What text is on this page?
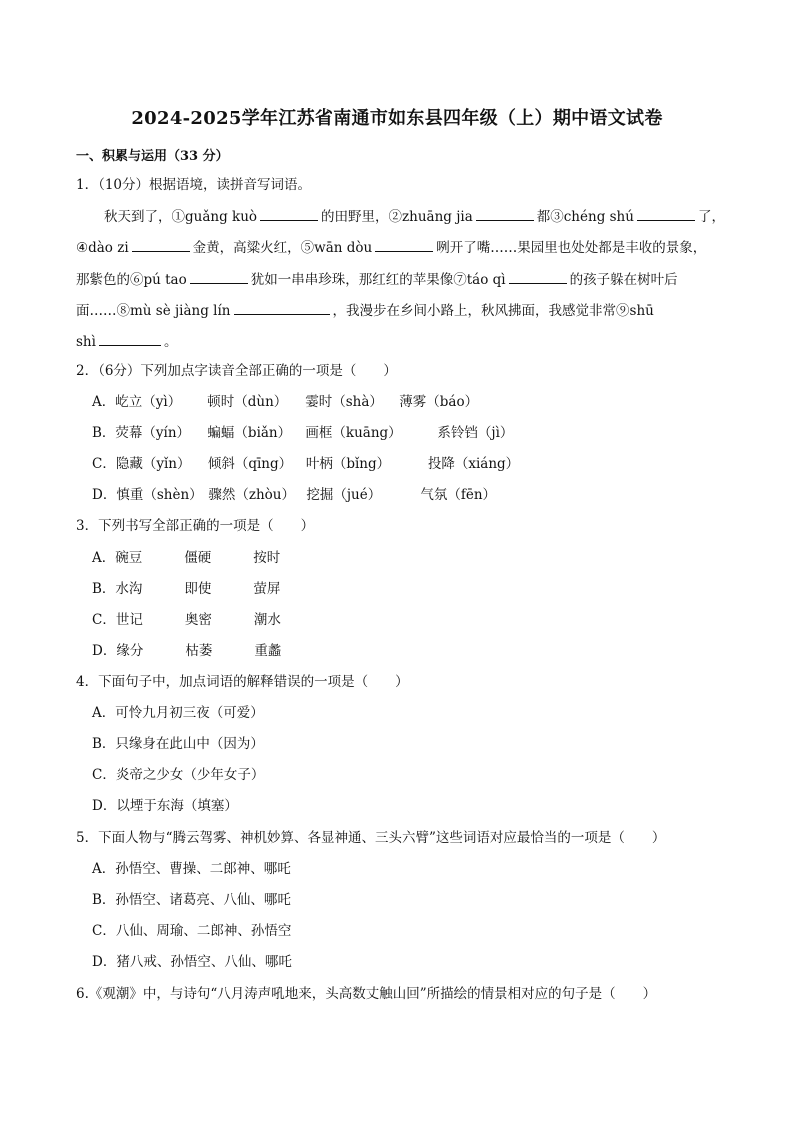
2024-2025学年江苏省南通市如东县四年级（上）期中语文试卷
一、积累与运用（33 分）
1．（10分）根据语境，读拼音写词语。
秋天到了，①guǎng kuò	的田野里，②zhuāng jia	都③chéng shú	了，
④dào zi	金黄，高粱火红，⑤wān dòu	咧开了嘴……果园里也处处都是丰收的景象，
那紫色的⑥pú tao	犹如一串串珍珠，那红红的苹果像⑦táo qì	的孩子躲在树叶后
面……⑧mù sè jiàng lín	，我漫步在乡间小路上，秋风拂面，我感觉非常⑨shū
shì	。
2．（6分）下列加点字读音全部正确的一项是（　　）
A．屹立（yì） 顿时（dùn） 霎时（shà） 薄雾（báo）
B．荧幕（yín） 蝙蝠（biǎn） 画框（kuāng）	系铃铛（jì）
C．隐藏（yǐn） 倾斜（qīng） 叶柄（bǐng）	投降（xiáng）
D．慎重（shèn） 骤然（zhòu） 挖掘（jué）	气氛（fēn）
3．下列书写全部正确的一项是（　　）
A．碗豆	僵硬	按时
B．水沟	即使	萤屏
C．世记	奥密	潮水
D．缘分	枯萎	重蠡
4．下面句子中，加点词语的解释错误的一项是（　　）
A．可怜九月初三夜（可爱）
B．只缘身在此山中（因为）
C．炎帝之少女（少年女子）
D．以堙于东海（填塞）
5．下面人物与“腾云驾雾、神机妙算、各显神通、三头六臂”这些词语对应最恰当的一项是（　　）
A．孙悟空、曹操、二郎神、哪吒
B．孙悟空、诸葛亮、八仙、哪吒
C．八仙、周瑜、二郎神、孙悟空
D．猪八戒、孙悟空、八仙、哪吒
6.《观潮》中，与诗句“八月涛声吼地来，头高数丈触山回”所描绘的情景相对应的句子是（　　）
